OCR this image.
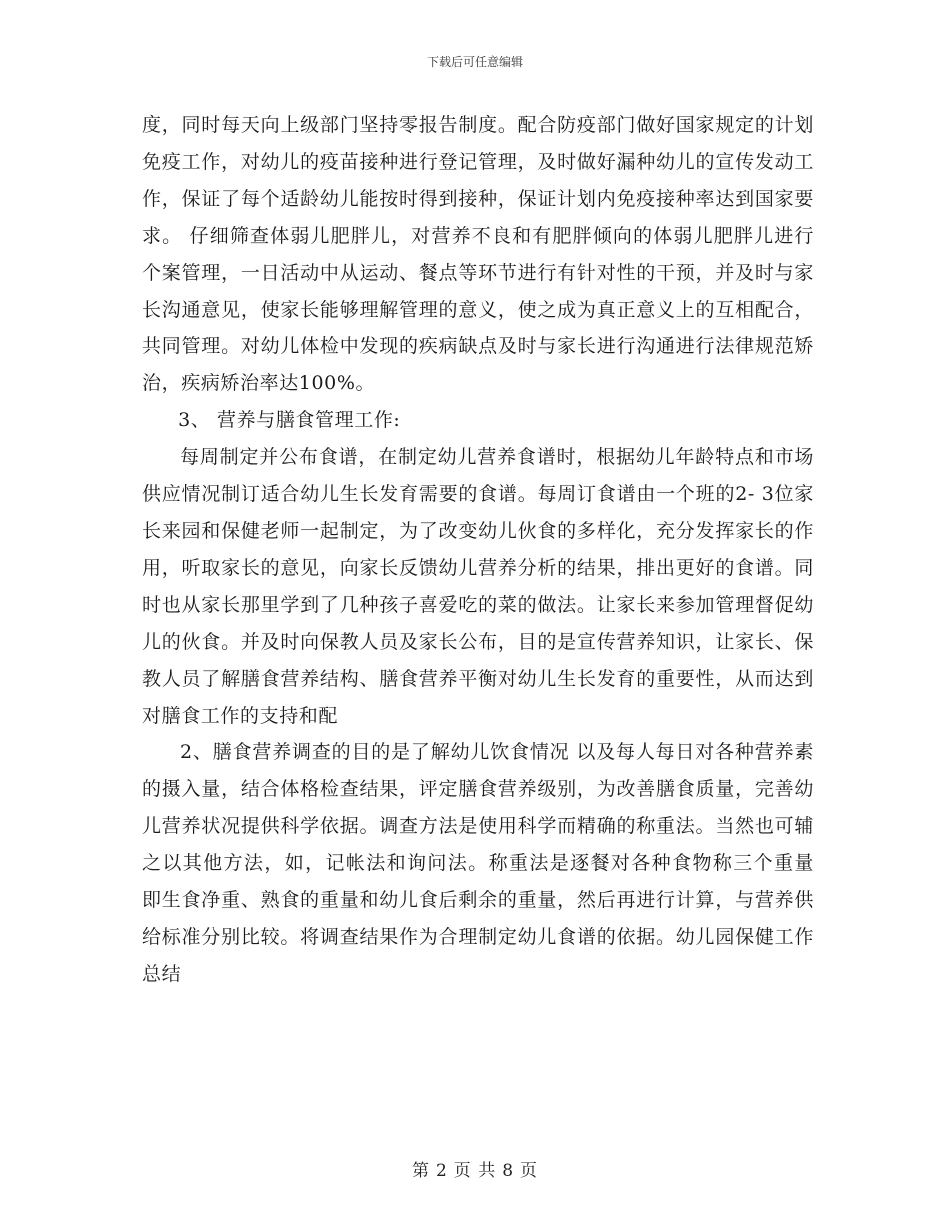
下载后可任意编辑

度，同时每天向上级部门坚持零报告制度。配合防疫部门做好国家规定的计划免疫工作，对幼儿的疫苗接种进行登记管理，及时做好漏种幼儿的宣传发动工作，保证了每个适龄幼儿能按时得到接种，保证计划内免疫接种率达到国家要求。 仔细筛查体弱儿肥胖儿，对营养不良和有肥胖倾向的体弱儿肥胖儿进行个案管理，一日活动中从运动、餐点等环节进行有针对性的干预，并及时与家长沟通意见，使家长能够理解管理的意义，使之成为真正意义上的互相配合，共同管理。对幼儿体检中发现的疾病缺点及时与家长进行沟通进行法律规范矫治，疾病矫治率达100%。

3、 营养与膳食管理工作:

每周制定并公布食谱，在制定幼儿营养食谱时，根据幼儿年龄特点和市场供应情况制订适合幼儿生长发育需要的食谱。每周订食谱由一个班的2- 3位家长来园和保健老师一起制定，为了改变幼儿伙食的多样化，充分发挥家长的作用，听取家长的意见，向家长反馈幼儿营养分析的结果，排出更好的食谱。同时也从家长那里学到了几种孩子喜爱吃的菜的做法。让家长来参加管理督促幼儿的伙食。并及时向保教人员及家长公布，目的是宣传营养知识，让家长、保教人员了解膳食营养结构、膳食营养平衡对幼儿生长发育的重要性，从而达到对膳食工作的支持和配

2、膳食营养调查的目的是了解幼儿饮食情况 以及每人每日对各种营养素的摄入量，结合体格检查结果，评定膳食营养级别，为改善膳食质量，完善幼儿营养状况提供科学依据。调查方法是使用科学而精确的称重法。当然也可辅之以其他方法，如，记帐法和询问法。称重法是逐餐对各种食物称三个重量 即生食净重、熟食的重量和幼儿食后剩余的重量，然后再进行计算，与营养供给标准分别比较。将调查结果作为合理制定幼儿食谱的依据。幼儿园保健工作总结

第 2 页 共 8 页
